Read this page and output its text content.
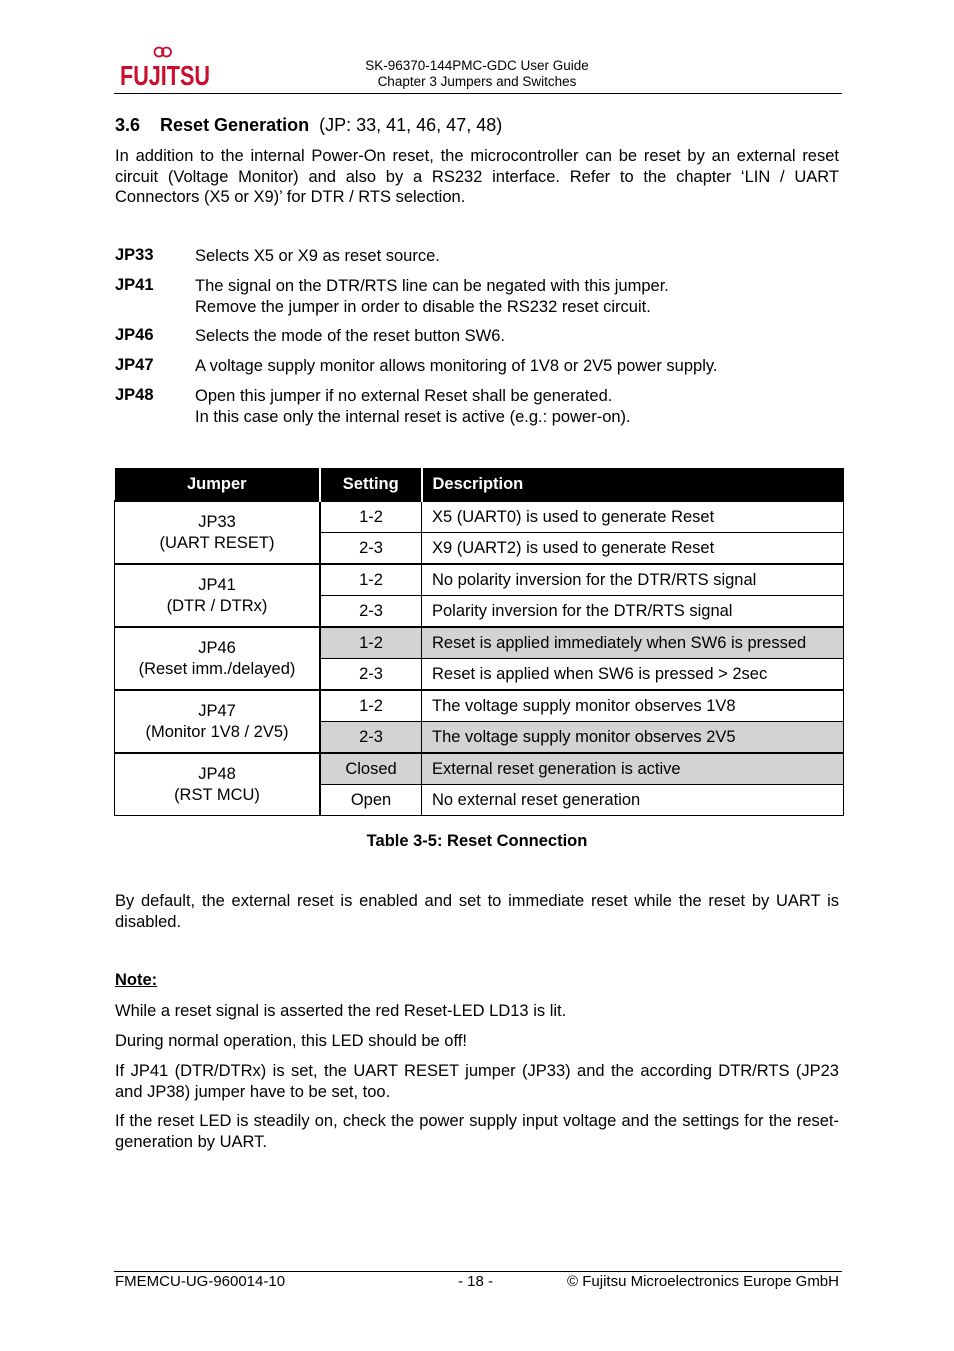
FUJITSU	SK-96370-144PMC-GDC User Guide
Chapter 3 Jumpers and Switches
3.6 Reset Generation (JP: 33, 41, 46, 47, 48)
In addition to the internal Power-On reset, the microcontroller can be reset by an external reset circuit (Voltage Monitor) and also by a RS232 interface. Refer to the chapter ‘LIN / UART Connectors (X5 or X9)’ for DTR / RTS selection.
JP33	Selects X5 or X9 as reset source.
JP41	The signal on the DTR/RTS line can be negated with this jumper.
Remove the jumper in order to disable the RS232 reset circuit.
JP46	Selects the mode of the reset button SW6.
JP47	A voltage supply monitor allows monitoring of 1V8 or 2V5 power supply.
JP48	Open this jumper if no external Reset shall be generated.
In this case only the internal reset is active (e.g.: power-on).
Jumper	Setting	Description

JP33
(UART RESET)	1-2	X5 (UART0) is used to generate Reset
	2-3	X9 (UART2) is used to generate Reset

JP41
(DTR / DTRx)	1-2	No polarity inversion for the DTR/RTS signal
	2-3	Polarity inversion for the DTR/RTS signal

JP46
(Reset imm./delayed)	1-2	Reset is applied immediately when SW6 is pressed
	2-3	Reset is applied when SW6 is pressed > 2sec

JP47
(Monitor 1V8 / 2V5)	1-2	The voltage supply monitor observes 1V8
	2-3	The voltage supply monitor observes 2V5

JP48
(RST MCU)	Closed	External reset generation is active
	Open	No external reset generation
Table 3-5: Reset Connection
By default, the external reset is enabled and set to immediate reset while the reset by UART is disabled.
Note:
While a reset signal is asserted the red Reset-LED LD13 is lit.
During normal operation, this LED should be off!
If JP41 (DTR/DTRx) is set, the UART RESET jumper (JP33) and the according DTR/RTS (JP23 and JP38) jumper have to be set, too.
If the reset LED is steadily on, check the power supply input voltage and the settings for the reset-generation by UART.
FMEMCU-UG-960014-10	- 18 -	© Fujitsu Microelectronics Europe GmbH
